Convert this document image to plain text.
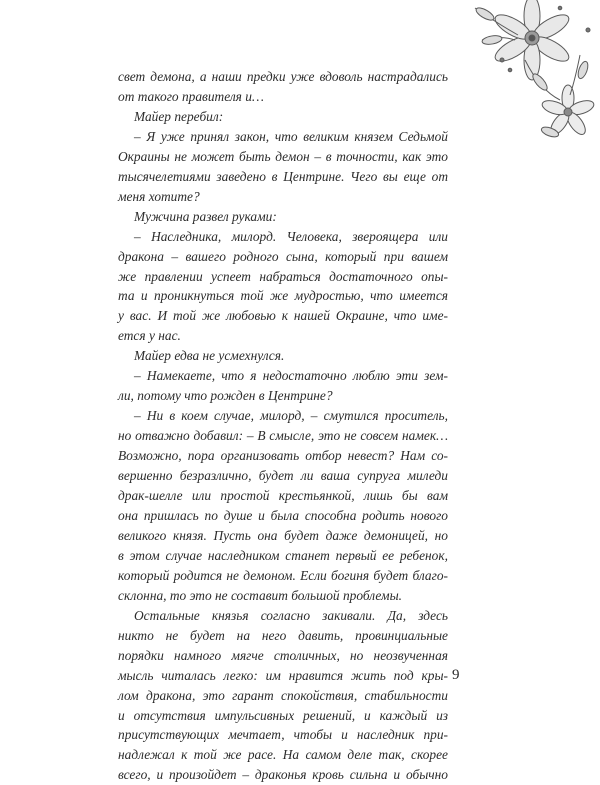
свет демона, а наши предки уже вдоволь настрадались
от такого правителя и…
Майер перебил:
– Я уже принял закон, что великим князем Седьмой
Окраины не может быть демон – в точности, как это
тысячелетиями заведено в Центрине. Чего вы еще от
меня хотите?
Мужчина развел руками:
– Наследника, милорд. Человека, звероящера или
дракона – вашего родного сына, который при вашем
же правлении успеет набраться достаточного опы-
та и проникнуться той же мудростью, что имеется
у вас. И той же любовью к нашей Окраине, что име-
ется у нас.
Майер едва не усмехнулся.
– Намекаете, что я недостаточно люблю эти зем-
ли, потому что рожден в Центрине?
– Ни в коем случае, милорд, – смутился проситель,
но отважно добавил: – В смысле, это не совсем намек…
Возможно, пора организовать отбор невест? Нам со-
вершенно безразлично, будет ли ваша супруга миледи
драк-шелле или простой крестьянкой, лишь бы вам
она пришлась по душе и была способна родить нового
великого князя. Пусть она будет даже демоницей, но
в этом случае наследником станет первый ее ребенок,
который родится не демоном. Если богиня будет благо-
склонна, то это не составит большой проблемы.
Остальные князья согласно закивали. Да, здесь
никто не будет на него давить, провинциальные
порядки намного мягче столичных, но неозвученная
мысль читалась легко: им нравится жить под кры-
лом дракона, это гарант спокойствия, стабильности
и отсутствия импульсивных решений, и каждый из
присутствующих мечтает, чтобы и наследник при-
надлежал к той же расе. На самом деле так, скорее
всего, и произойдет – драконья кровь сильна и обычно
9
